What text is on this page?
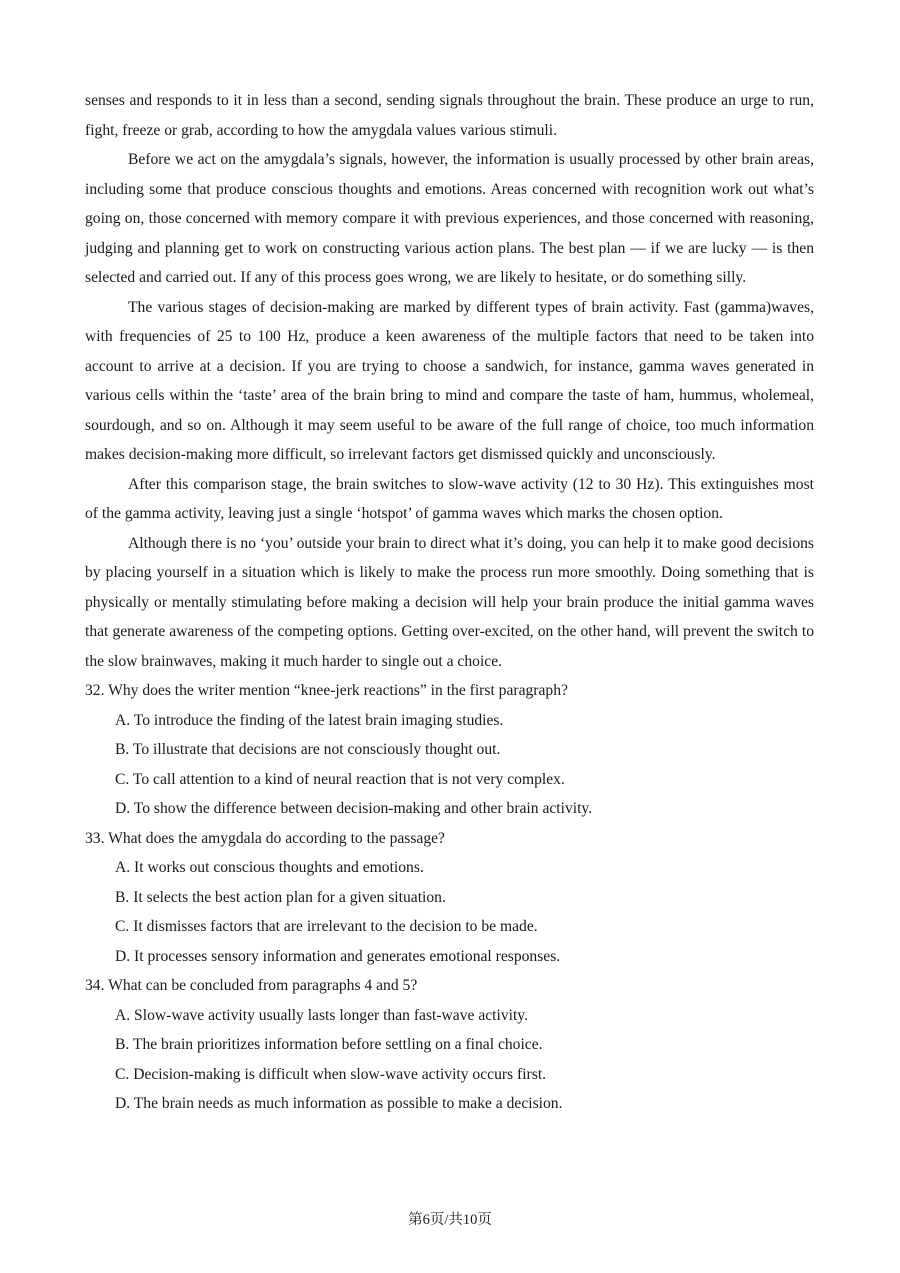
senses and responds to it in less than a second, sending signals throughout the brain. These produce an urge to run, fight, freeze or grab, according to how the amygdala values various stimuli.

Before we act on the amygdala’s signals, however, the information is usually processed by other brain areas, including some that produce conscious thoughts and emotions. Areas concerned with recognition work out what’s going on, those concerned with memory compare it with previous experiences, and those concerned with reasoning, judging and planning get to work on constructing various action plans. The best plan — if we are lucky — is then selected and carried out. If any of this process goes wrong, we are likely to hesitate, or do something silly.

The various stages of decision-making are marked by different types of brain activity. Fast (gamma)waves, with frequencies of 25 to 100 Hz, produce a keen awareness of the multiple factors that need to be taken into account to arrive at a decision. If you are trying to choose a sandwich, for instance, gamma waves generated in various cells within the ‘taste’ area of the brain bring to mind and compare the taste of ham, hummus, wholemeal, sourdough, and so on. Although it may seem useful to be aware of the full range of choice, too much information makes decision-making more difficult, so irrelevant factors get dismissed quickly and unconsciously.

After this comparison stage, the brain switches to slow-wave activity (12 to 30 Hz). This extinguishes most of the gamma activity, leaving just a single ‘hotspot’ of gamma waves which marks the chosen option.

Although there is no ‘you’ outside your brain to direct what it’s doing, you can help it to make good decisions by placing yourself in a situation which is likely to make the process run more smoothly. Doing something that is physically or mentally stimulating before making a decision will help your brain produce the initial gamma waves that generate awareness of the competing options. Getting over-excited, on the other hand, will prevent the switch to the slow brainwaves, making it much harder to single out a choice.

32. Why does the writer mention “knee-jerk reactions” in the first paragraph?

A. To introduce the finding of the latest brain imaging studies.

B. To illustrate that decisions are not consciously thought out.

C. To call attention to a kind of neural reaction that is not very complex.

D. To show the difference between decision-making and other brain activity.

33. What does the amygdala do according to the passage?

A. It works out conscious thoughts and emotions.

B. It selects the best action plan for a given situation.

C. It dismisses factors that are irrelevant to the decision to be made.

D. It processes sensory information and generates emotional responses.

34. What can be concluded from paragraphs 4 and 5?

A. Slow-wave activity usually lasts longer than fast-wave activity.

B. The brain prioritizes information before settling on a final choice.

C. Decision-making is difficult when slow-wave activity occurs first.

D. The brain needs as much information as possible to make a decision.

第6页/共10页
